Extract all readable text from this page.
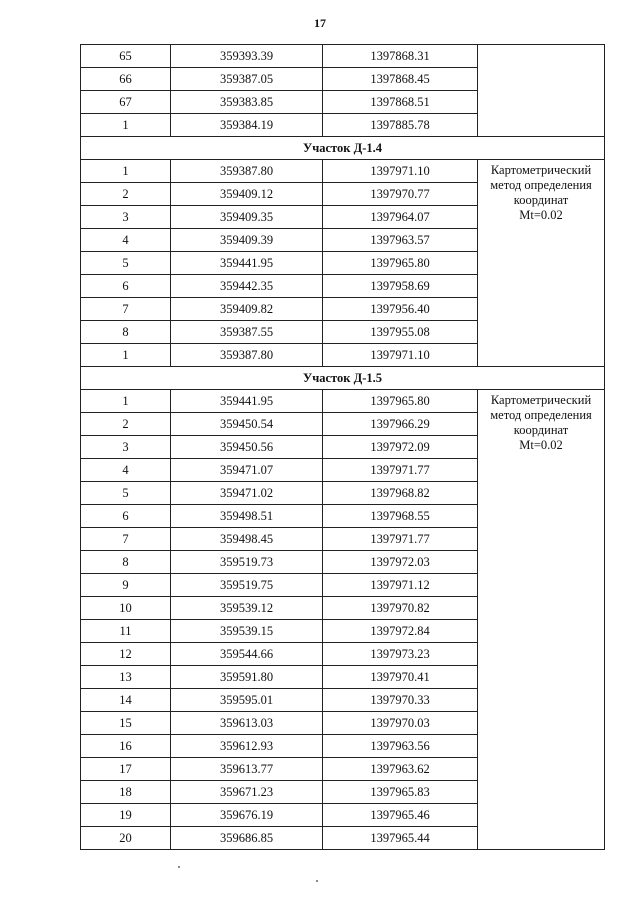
17
65	359393.39	1397868.31	
66	359387.05	1397868.45	
67	359383.85	1397868.51	
1	359384.19	1397885.78	
Участок Д-1.4			
1	359387.80	1397971.10	Картометрический
метод определения
координат
Mt=0.02

2	359409.12	1397970.77	
3	359409.35	1397964.07	
4	359409.39	1397963.57	
5	359441.95	1397965.80	
6	359442.35	1397958.69	
7	359409.82	1397956.40	
8	359387.55	1397955.08	
1	359387.80	1397971.10	
Участок Д-1.5			
1	359441.95	1397965.80	Картометрический
метод определения
координат
Mt=0.02

2	359450.54	1397966.29	
3	359450.56	1397972.09	
4	359471.07	1397971.77	
5	359471.02	1397968.82	
6	359498.51	1397968.55	
7	359498.45	1397971.77	
8	359519.73	1397972.03	
9	359519.75	1397971.12	
10	359539.12	1397970.82	
11	359539.15	1397972.84	
12	359544.66	1397973.23	
13	359591.80	1397970.41	
14	359595.01	1397970.33	
15	359613.03	1397970.03	
16	359612.93	1397963.56	
17	359613.77	1397963.62	
18	359671.23	1397965.83	
19	359676.19	1397965.46	
20	359686.85	1397965.44	
